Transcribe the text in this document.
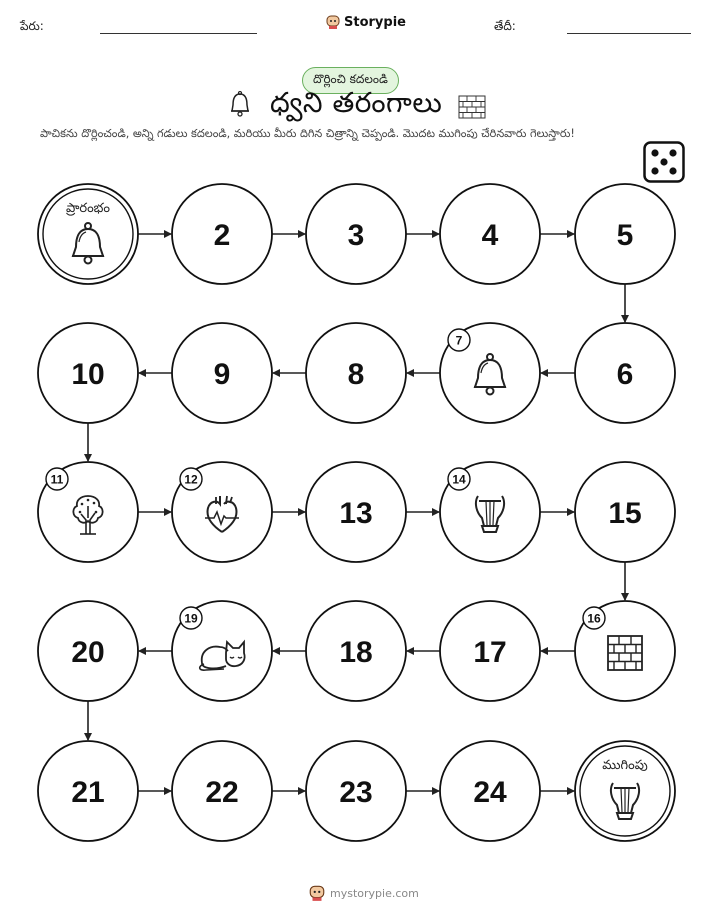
పేరు:	Storypie	తేదీ:
దొర్లించి కదలండి
ధ్వని తరంగాలు
పాచికను దొర్లించండి, అన్ని గడులు కదలండి, మరియు మీరు దిగిన చిత్రాన్ని చెప్పండి. మొదట ముగింపు చేరినవారు గెలుస్తారు!
ప్రారంభం
2	3	4	5
6
7
8
9
10
11	12
13
14
15
16
17
18
19
20
21	22	23	24
ముగింపు
mystorypie.com
